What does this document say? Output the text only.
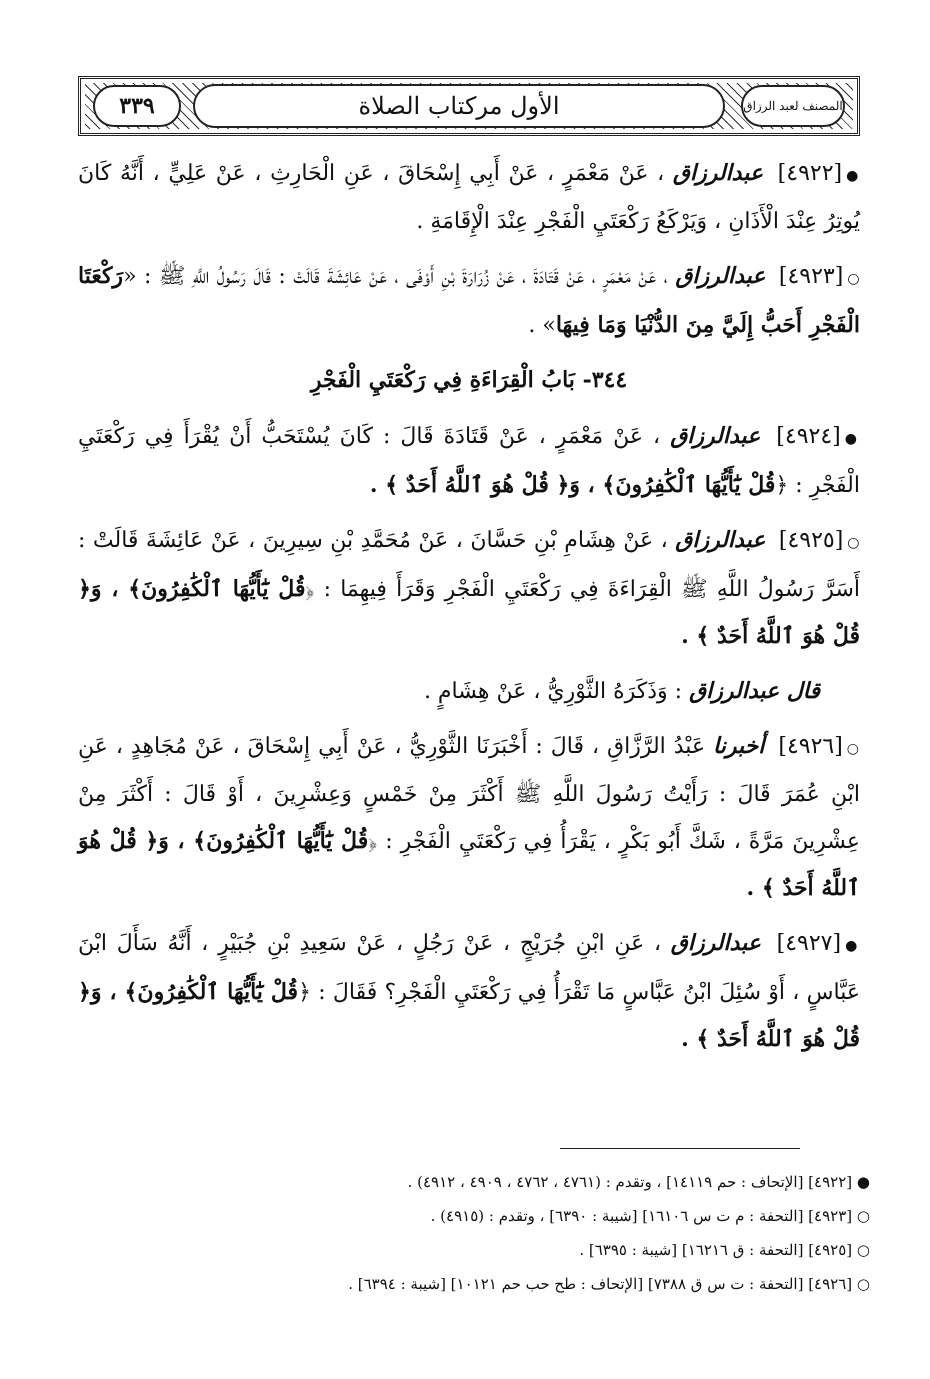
٣٣٩	الأول مركتاب الصلاة	المصنف لعبد الرزاق

●[٤٩٢٢] عبدالرزاق ، عَنْ مَعْمَرٍ ، عَنْ أَبِي إِسْحَاقَ ، عَنِ الْحَارِثِ ، عَنْ عَلِيٍّ ، أَنَّهُ كَانَ يُوتِرُ عِنْدَ الْأَذَانِ ، وَيَرْكَعُ رَكْعَتَيِ الْفَجْرِ عِنْدَ الْإِقَامَةِ .

○[٤٩٢٣] عبدالرزاق ، عَنْ مَعْمَرٍ ، عَنْ قَتَادَةَ ، عَنْ زُرَارَةَ بْنِ أَوْفَى ، عَنْ عَائِشَةَ قَالَتْ : قَالَ رَسُولُ اللَّهِ ﷺ : «رَكْعَتَا الْفَجْرِ أَحَبُّ إِلَيَّ مِنَ الدُّنْيَا وَمَا فِيهَا» .

٣٤٤- بَابُ الْقِرَاءَةِ فِي رَكْعَتَيِ الْفَجْرِ

●[٤٩٢٤] عبدالرزاق ، عَنْ مَعْمَرٍ ، عَنْ قَتَادَةَ قَالَ : كَانَ يُسْتَحَبُّ أَنْ يُقْرَأَ فِي رَكْعَتَيِ الْفَجْرِ : ﴿قُلْ يَٰٓأَيُّهَا ٱلْكَٰفِرُونَ﴾ ، وَ﴿ قُلْ هُوَ ٱللَّهُ أَحَدٌ ﴾ .

○[٤٩٢٥] عبدالرزاق ، عَنْ هِشَامِ بْنِ حَسَّانَ ، عَنْ مُحَمَّدِ بْنِ سِيرِينَ ، عَنْ عَائِشَةَ قَالَتْ : أَسَرَّ رَسُولُ اللَّهِ ﷺ الْقِرَاءَةَ فِي رَكْعَتَيِ الْفَجْرِ وَقَرَأَ فِيهِمَا : ﴿قُلْ يَٰٓأَيُّهَا ٱلْكَٰفِرُونَ﴾ ، وَ﴿ قُلْ هُوَ ٱللَّهُ أَحَدٌ ﴾ .

قال عبدالرزاق : وَذَكَرَهُ الثَّوْرِيُّ ، عَنْ هِشَامٍ .

○[٤٩٢٦] أخبرنا عَبْدُ الرَّزَّاقِ ، قَالَ : أَخْبَرَنَا الثَّوْرِيُّ ، عَنْ أَبِي إِسْحَاقَ ، عَنْ مُجَاهِدٍ ، عَنِ ابْنِ عُمَرَ قَالَ : رَأَيْتُ رَسُولَ اللَّهِ ﷺ أَكْثَرَ مِنْ خَمْسٍ وَعِشْرِينَ ، أَوْ قَالَ : أَكْثَرَ مِنْ عِشْرِينَ مَرَّةً ، شَكَّ أَبُو بَكْرٍ ، يَقْرَأُ فِي رَكْعَتَيِ الْفَجْرِ : ﴿قُلْ يَٰٓأَيُّهَا ٱلْكَٰفِرُونَ﴾ ، وَ﴿ قُلْ هُوَ ٱللَّهُ أَحَدٌ ﴾ .

●[٤٩٢٧] عبدالرزاق ، عَنِ ابْنِ جُرَيْجٍ ، عَنْ رَجُلٍ ، عَنْ سَعِيدِ بْنِ جُبَيْرٍ ، أَنَّهُ سَأَلَ ابْنَ عَبَّاسٍ ، أَوْ سُئِلَ ابْنُ عَبَّاسٍ مَا تَقْرَأُ فِي رَكْعَتَيِ الْفَجْرِ؟ فَقَالَ : ﴿قُلْ يَٰٓأَيُّهَا ٱلْكَٰفِرُونَ﴾ ، وَ﴿ قُلْ هُوَ ٱللَّهُ أَحَدٌ ﴾ .

● [٤٩٢٢] [الإتحاف : حم ١٤١١٩] ، وتقدم : (٤٧٦١ ، ٤٧٦٢ ، ٤٩٠٩ ، ٤٩١٢) .

○ [٤٩٢٣] [التحفة : م ت س ١٦١٠٦] [شيبة : ٦٣٩٠] ، وتقدم : (٤٩١٥) .

○ [٤٩٢٥] [التحفة : ق ١٦٢١٦] [شيبة : ٦٣٩٥] .

○ [٤٩٢٦] [التحفة : ت س ق ٧٣٨٨] [الإتحاف : طح حب حم ١٠١٢١] [شيبة : ٦٣٩٤] .
